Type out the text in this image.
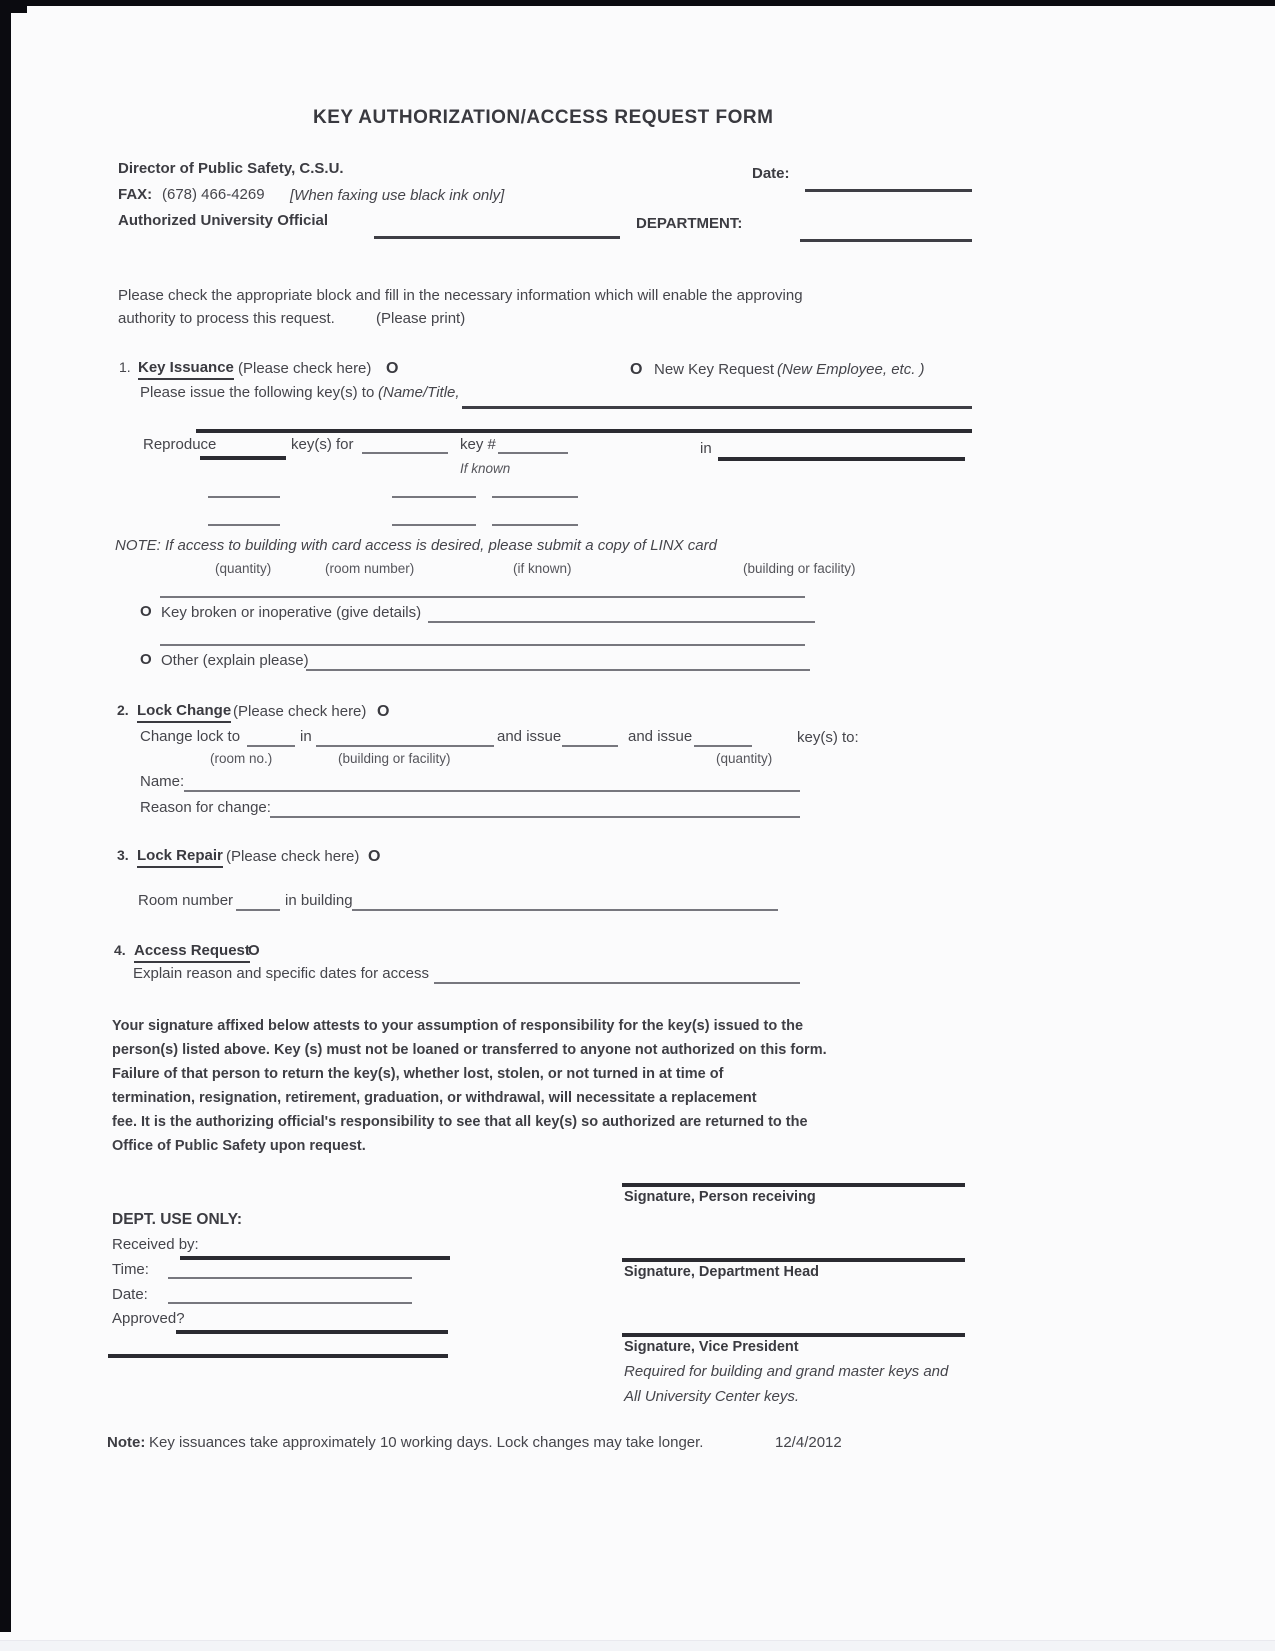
KEY AUTHORIZATION/ACCESS REQUEST FORM
Director of Public Safety, C.S.U.	Date:
FAX: (678) 466-4269 [When faxing use black ink only]
Authorized University Official	DEPARTMENT:
Please check the appropriate block and fill in the necessary information which will enable the approving
authority to process this request.	(Please print)
1. Key Issuance (Please check here) O	O New Key Request (New Employee, etc. )
Please issue the following key(s) to (Name/Title,
Reproduce	key(s) for	key #	in
If known
NOTE: If access to building with card access is desired, please submit a copy of LINX card
(quantity)	(room number)	(if known)	(building or facility)
O Key broken or inoperative (give details)
O Other (explain please)
2. Lock Change (Please check here) O
Change lock to	in	and issue	and issue	key(s) to:
(room no.)	(building or facility)	(quantity)
Name:
Reason for change:
3. Lock Repair (Please check here) O
Room number	in building
4. Access Request
O
Explain reason and specific dates for access
Your signature affixed below attests to your assumption of responsibility for the key(s) issued to the
person(s) listed above. Key (s) must not be loaned or transferred to anyone not authorized on this form.
Failure of that person to return the key(s), whether lost, stolen, or not turned in at time of
termination, resignation, retirement, graduation, or withdrawal, will necessitate a replacement
fee. It is the authorizing official's responsibility to see that all key(s) so authorized are returned to the
Office of Public Safety upon request.
Signature, Person receiving
Signature, Department Head
Signature, Vice President
Required for building and grand master keys and
All University Center keys.
DEPT. USE ONLY:
Received by:
Time:
Date:
Approved?
Note: Key issuances take approximately 10 working days. Lock changes may take longer.	12/4/2012
